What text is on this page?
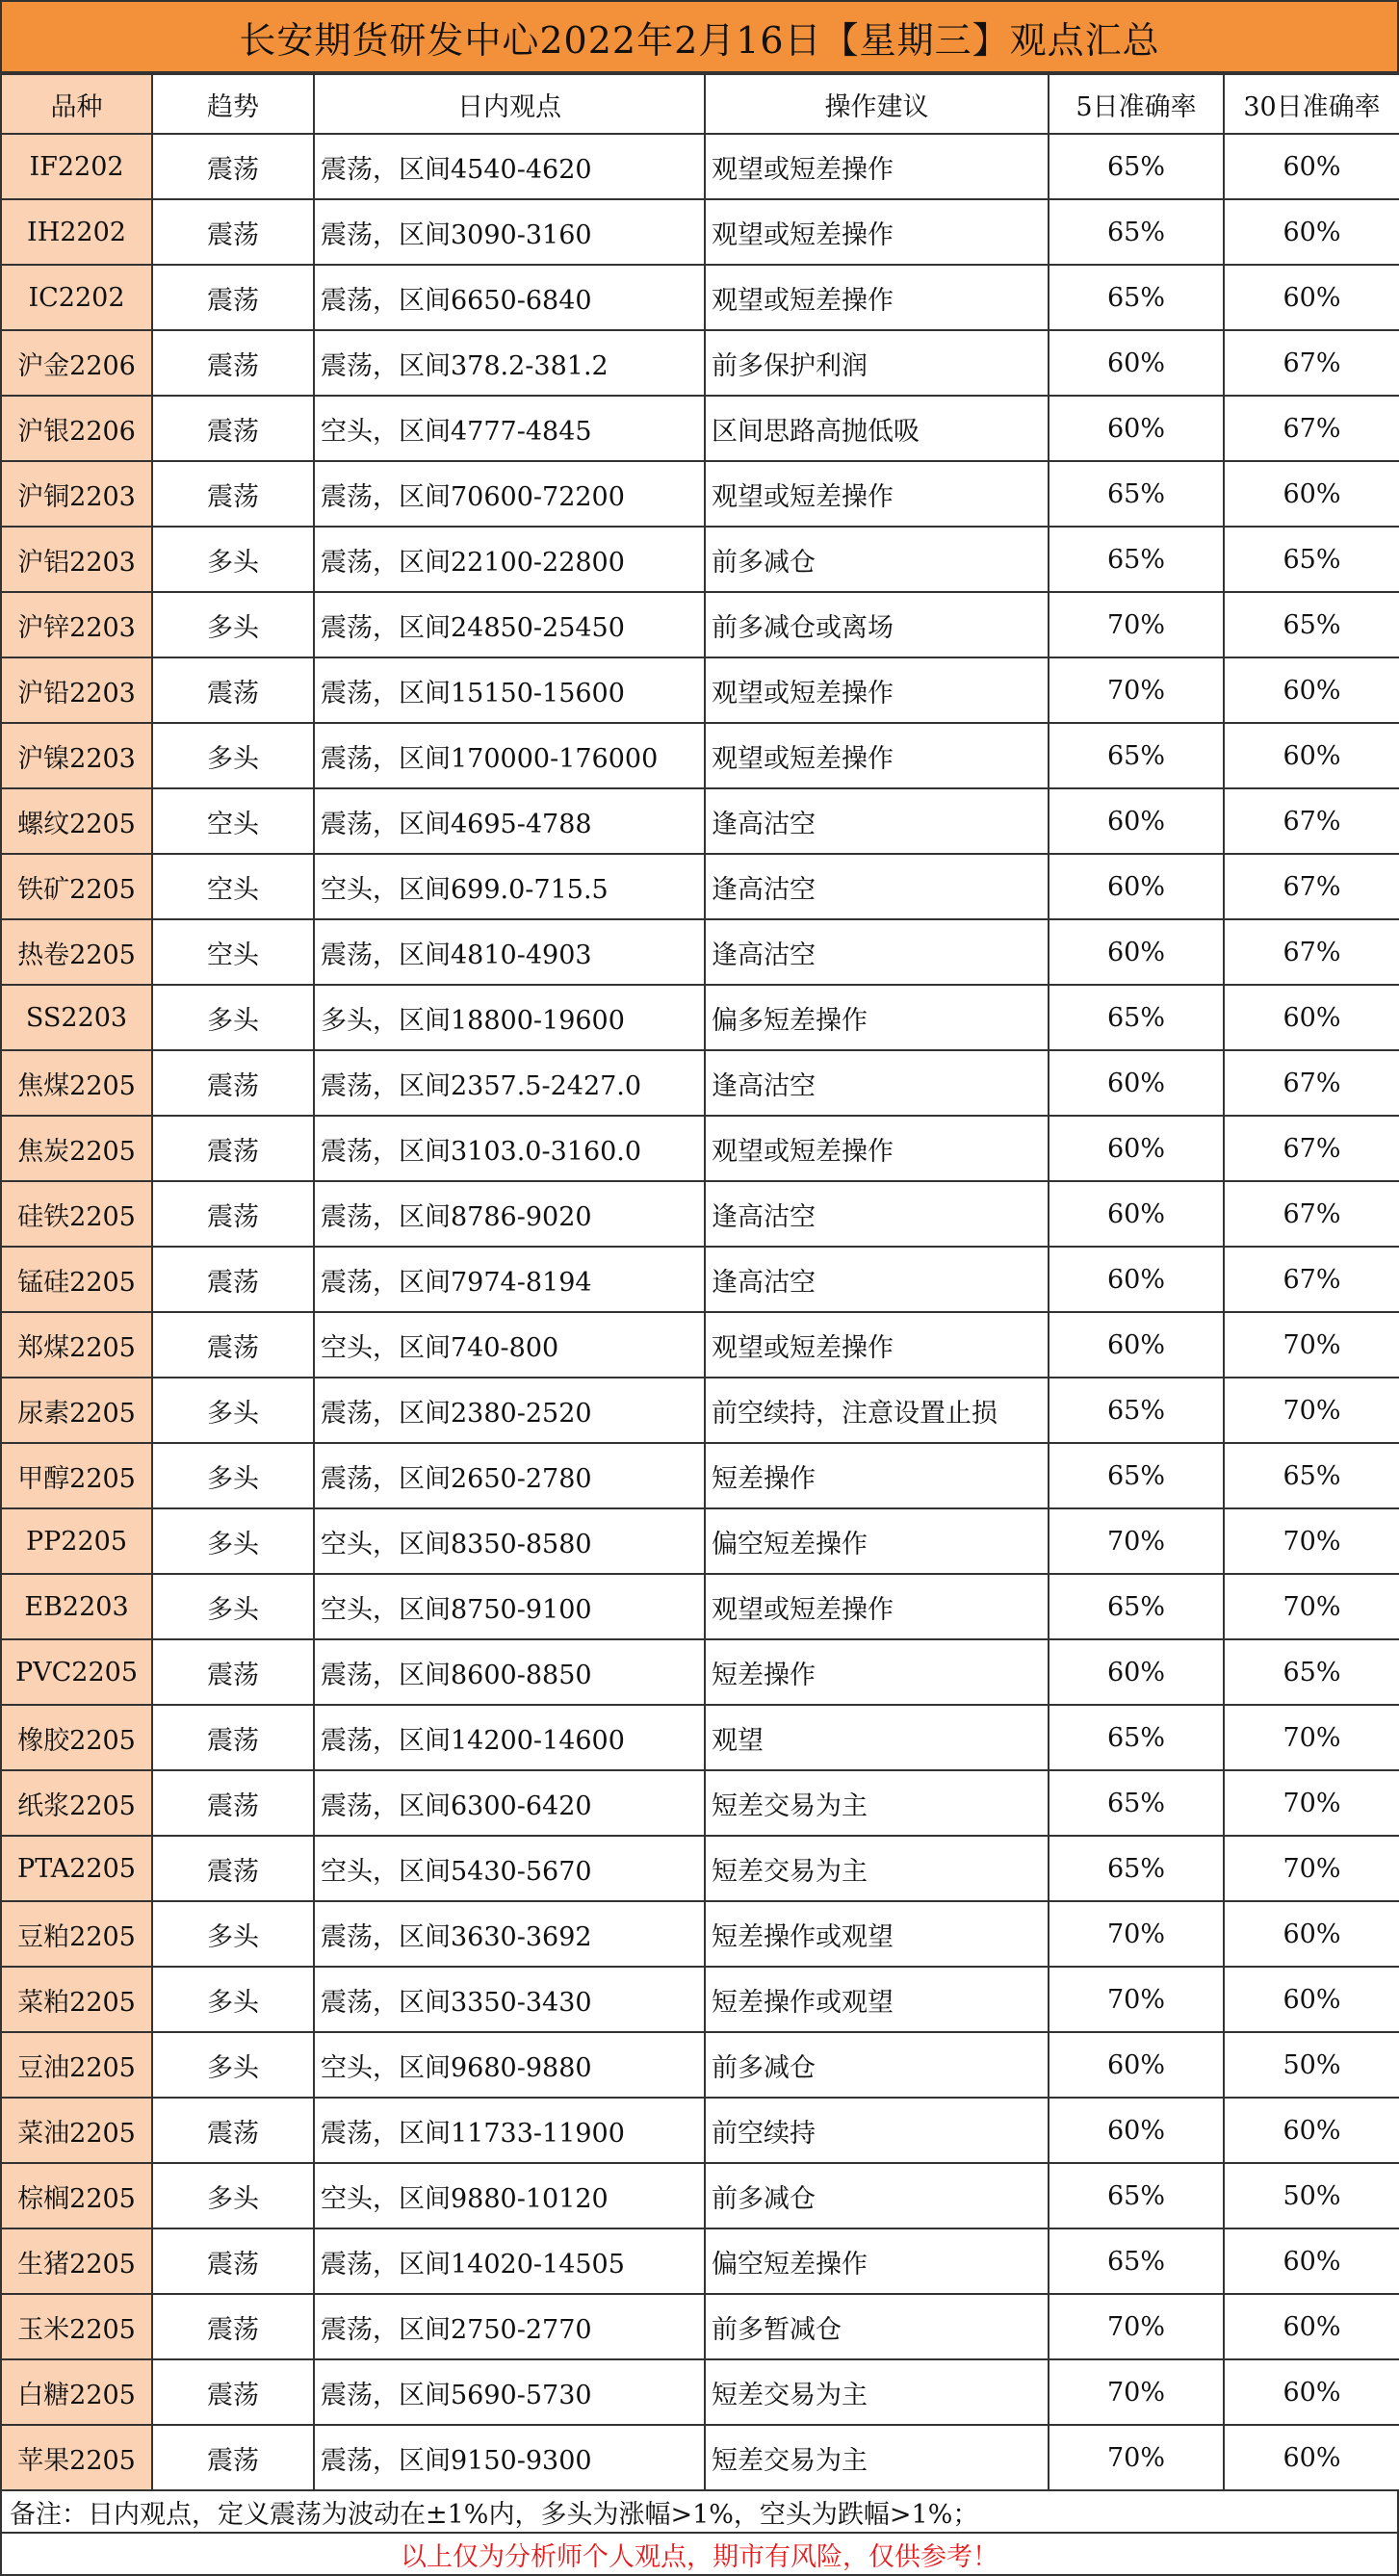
长安期货研发中心2022年2月16日【星期三】观点汇总
品种	趋势	日内观点	操作建议	5日准确率	30日准确率
IF2202	震荡	震荡，区间4540-4620	观望或短差操作	65%	60%
IH2202	震荡	震荡，区间3090-3160	观望或短差操作	65%	60%
IC2202	震荡	震荡，区间6650-6840	观望或短差操作	65%	60%
沪金2206	震荡	震荡，区间378.2-381.2	前多保护利润	60%	67%
沪银2206	震荡	空头，区间4777-4845	区间思路高抛低吸	60%	67%
沪铜2203	震荡	震荡，区间70600-72200	观望或短差操作	65%	60%
沪铝2203	多头	震荡，区间22100-22800	前多减仓	65%	65%
沪锌2203	多头	震荡，区间24850-25450	前多减仓或离场	70%	65%
沪铅2203	震荡	震荡，区间15150-15600	观望或短差操作	70%	60%
沪镍2203	多头	震荡，区间170000-176000	观望或短差操作	65%	60%
螺纹2205	空头	震荡，区间4695-4788	逢高沽空	60%	67%
铁矿2205	空头	空头，区间699.0-715.5	逢高沽空	60%	67%
热卷2205	空头	震荡，区间4810-4903	逢高沽空	60%	67%
SS2203	多头	多头，区间18800-19600	偏多短差操作	65%	60%
焦煤2205	震荡	震荡，区间2357.5-2427.0	逢高沽空	60%	67%
焦炭2205	震荡	震荡，区间3103.0-3160.0	观望或短差操作	60%	67%
硅铁2205	震荡	震荡，区间8786-9020	逢高沽空	60%	67%
锰硅2205	震荡	震荡，区间7974-8194	逢高沽空	60%	67%
郑煤2205	震荡	空头，区间740-800	观望或短差操作	60%	70%
尿素2205	多头	震荡，区间2380-2520	前空续持，注意设置止损	65%	70%
甲醇2205	多头	震荡，区间2650-2780	短差操作	65%	65%
PP2205	多头	空头，区间8350-8580	偏空短差操作	70%	70%
EB2203	多头	空头，区间8750-9100	观望或短差操作	65%	70%
PVC2205	震荡	震荡，区间8600-8850	短差操作	60%	65%
橡胶2205	震荡	震荡，区间14200-14600	观望	65%	70%
纸浆2205	震荡	震荡，区间6300-6420	短差交易为主	65%	70%
PTA2205	震荡	空头，区间5430-5670	短差交易为主	65%	70%
豆粕2205	多头	震荡，区间3630-3692	短差操作或观望	70%	60%
菜粕2205	多头	震荡，区间3350-3430	短差操作或观望	70%	60%
豆油2205	多头	空头，区间9680-9880	前多减仓	60%	50%
菜油2205	震荡	震荡，区间11733-11900	前空续持	60%	60%
棕榈2205	多头	空头，区间9880-10120	前多减仓	65%	50%
生猪2205	震荡	震荡，区间14020-14505	偏空短差操作	65%	60%
玉米2205	震荡	震荡，区间2750-2770	前多暂减仓	70%	60%
白糖2205	震荡	震荡，区间5690-5730	短差交易为主	70%	60%
苹果2205	震荡	震荡，区间9150-9300	短差交易为主	70%	60%
备注：日内观点，定义震荡为波动在±1%内，多头为涨幅>1%，空头为跌幅>1%；
以上仅为分析师个人观点，期市有风险，仅供参考！
